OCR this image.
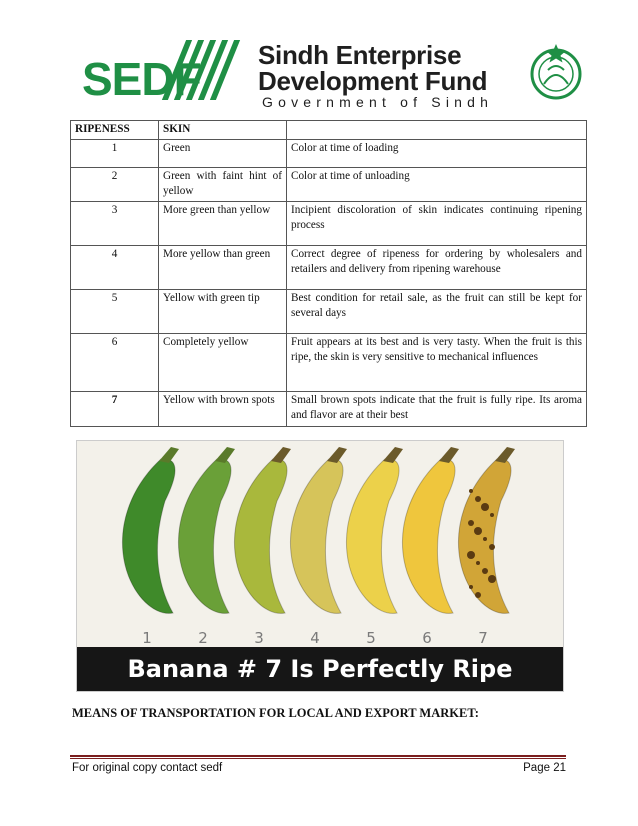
SEDF Sindh Enterprise
Development Fund
Government of Sindh
RIPENESS	SKIN	
1	Green	Color at time of loading
2	Green with faint hint of yellow	Color at time of unloading
3	More green than yellow	Incipient discoloration of skin indicates continuing ripening process
4	More yellow than green	Correct degree of ripeness for ordering by wholesalers and retailers and delivery from ripening warehouse
5	Yellow with green tip	Best condition for retail sale, as the fruit can still be kept for several days
6	Completely yellow	Fruit appears at its best and is very tasty. When the fruit is this ripe, the skin is very sensitive to mechanical influences
7	Yellow with brown spots	Small brown spots indicate that the fruit is fully ripe. Its aroma and flavor are at their best
1	2	3	4	5	6	7
Banana # 7 Is Perfectly Ripe
MEANS OF TRANSPORTATION FOR LOCAL AND EXPORT MARKET:
For original copy contact sedf	Page 21
